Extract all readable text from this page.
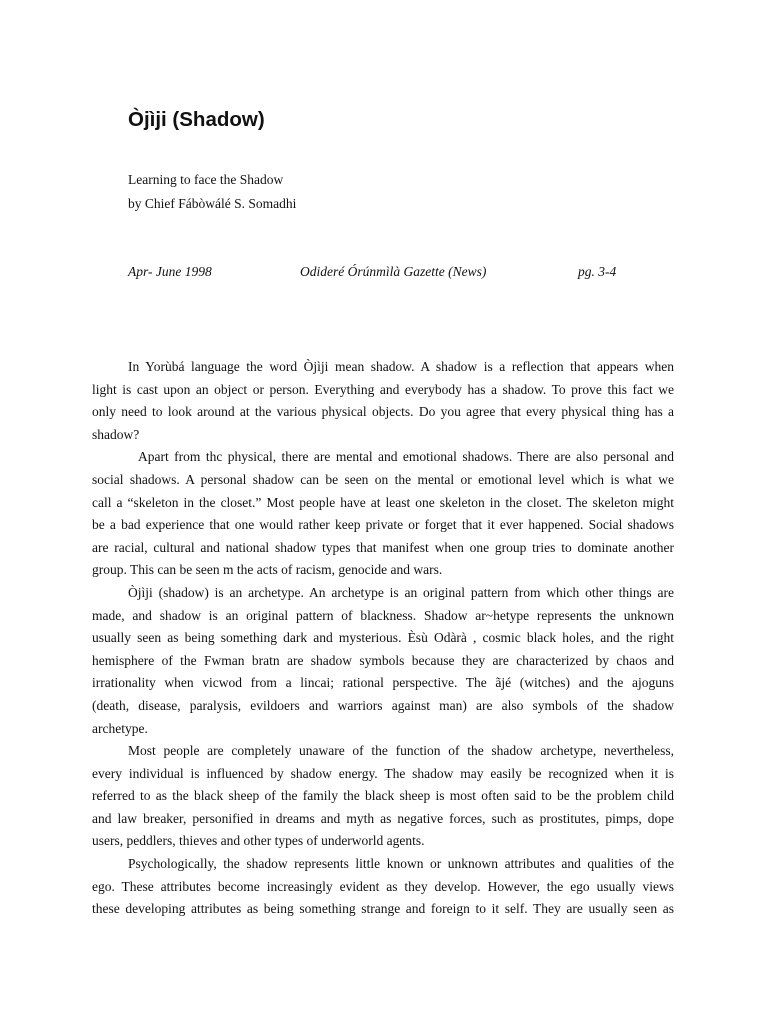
Òjìji (Shadow)
Learning to face the Shadow
by Chief Fábòwálé S. Somadhi
Apr- June 1998	Odideré Órúnmìlà Gazette (News)	pg. 3-4
In Yorùbá language the word Òjìji mean shadow. A shadow is a reflection that appears when
light is cast upon an object or person. Everything and everybody has a shadow. To prove this fact we
only need to look around at the various physical objects. Do you agree that every physical thing has a
shadow?
Apart from thc physical, there are mental and emotional shadows. There are also personal and
social shadows. A personal shadow can be seen on the mental or emotional level which is what we
call a “skeleton in the closet.” Most people have at least one skeleton in the closet. The skeleton might
be a bad experience that one would rather keep private or forget that it ever happened. Social shadows
are racial, cultural and national shadow types that manifest when one group tries to dominate another
group. This can be seen m the acts of racism, genocide and wars.
Òjìji (shadow) is an archetype. An archetype is an original pattern from which other things are
made, and shadow is an original pattern of blackness. Shadow ar~hetype represents the unknown
usually seen as being something dark and mysterious. Èsù Odàrà , cosmic black holes, and the right
hemisphere of the Fwman bratn are shadow symbols because they are characterized by chaos and
irrationality when vicwod from a lincai; rational perspective. The ãjé (witches) and the ajoguns
(death, disease, paralysis, evildoers and warriors against man) are also symbols of the shadow
archetype.
Most people are completely unaware of the function of the shadow archetype, nevertheless,
every individual is influenced by shadow energy. The shadow may easily be recognized when it is
referred to as the black sheep of the family the black sheep is most often said to be the problem child
and law breaker, personified in dreams and myth as negative forces, such as prostitutes, pimps, dope
users, peddlers, thieves and other types of underworld agents.
Psychologically, the shadow represents little known or unknown attributes and qualities of the
ego. These attributes become increasingly evident as they develop. However, the ego usually views
these developing attributes as being something strange and foreign to it self. They are usually seen as
